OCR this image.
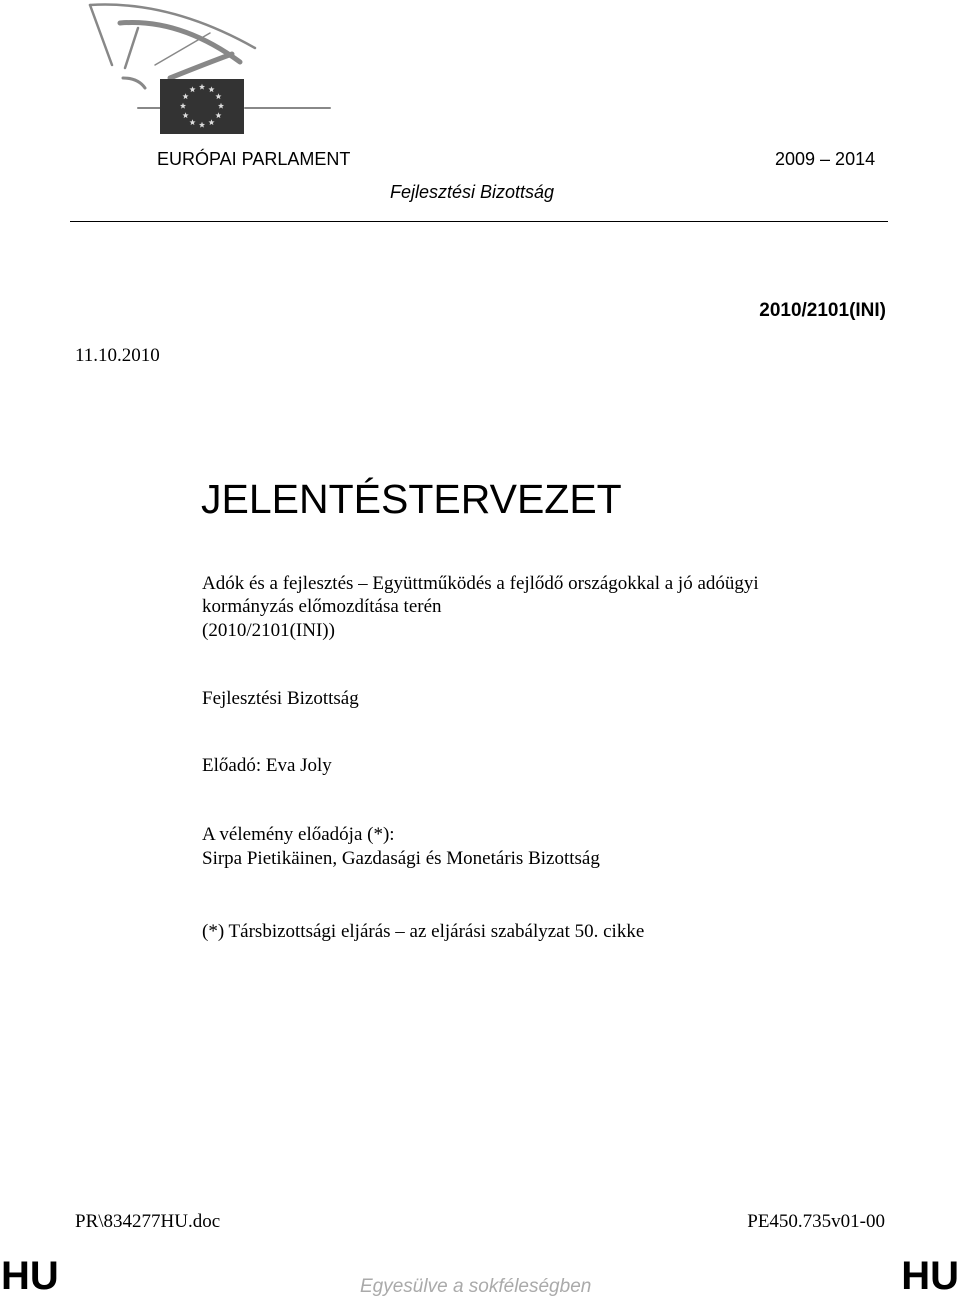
EURÓPAI PARLAMENT	2009 – 2014
Fejlesztési Bizottság
2010/2101(INI)
11.10.2010
JELENTÉSTERVEZET
Adók és a fejlesztés – Együttműködés a fejlődő országokkal a jó adóügyi
kormányzás előmozdítása terén
(2010/2101(INI))
Fejlesztési Bizottság
Előadó: Eva Joly
A vélemény előadója (*):
Sirpa Pietikäinen, Gazdasági és Monetáris Bizottság
(*) Társbizottsági eljárás – az eljárási szabályzat 50. cikke
PR\834277HU.doc	PE450.735v01-00
HU	HU
Egyesülve a sokféleségben
